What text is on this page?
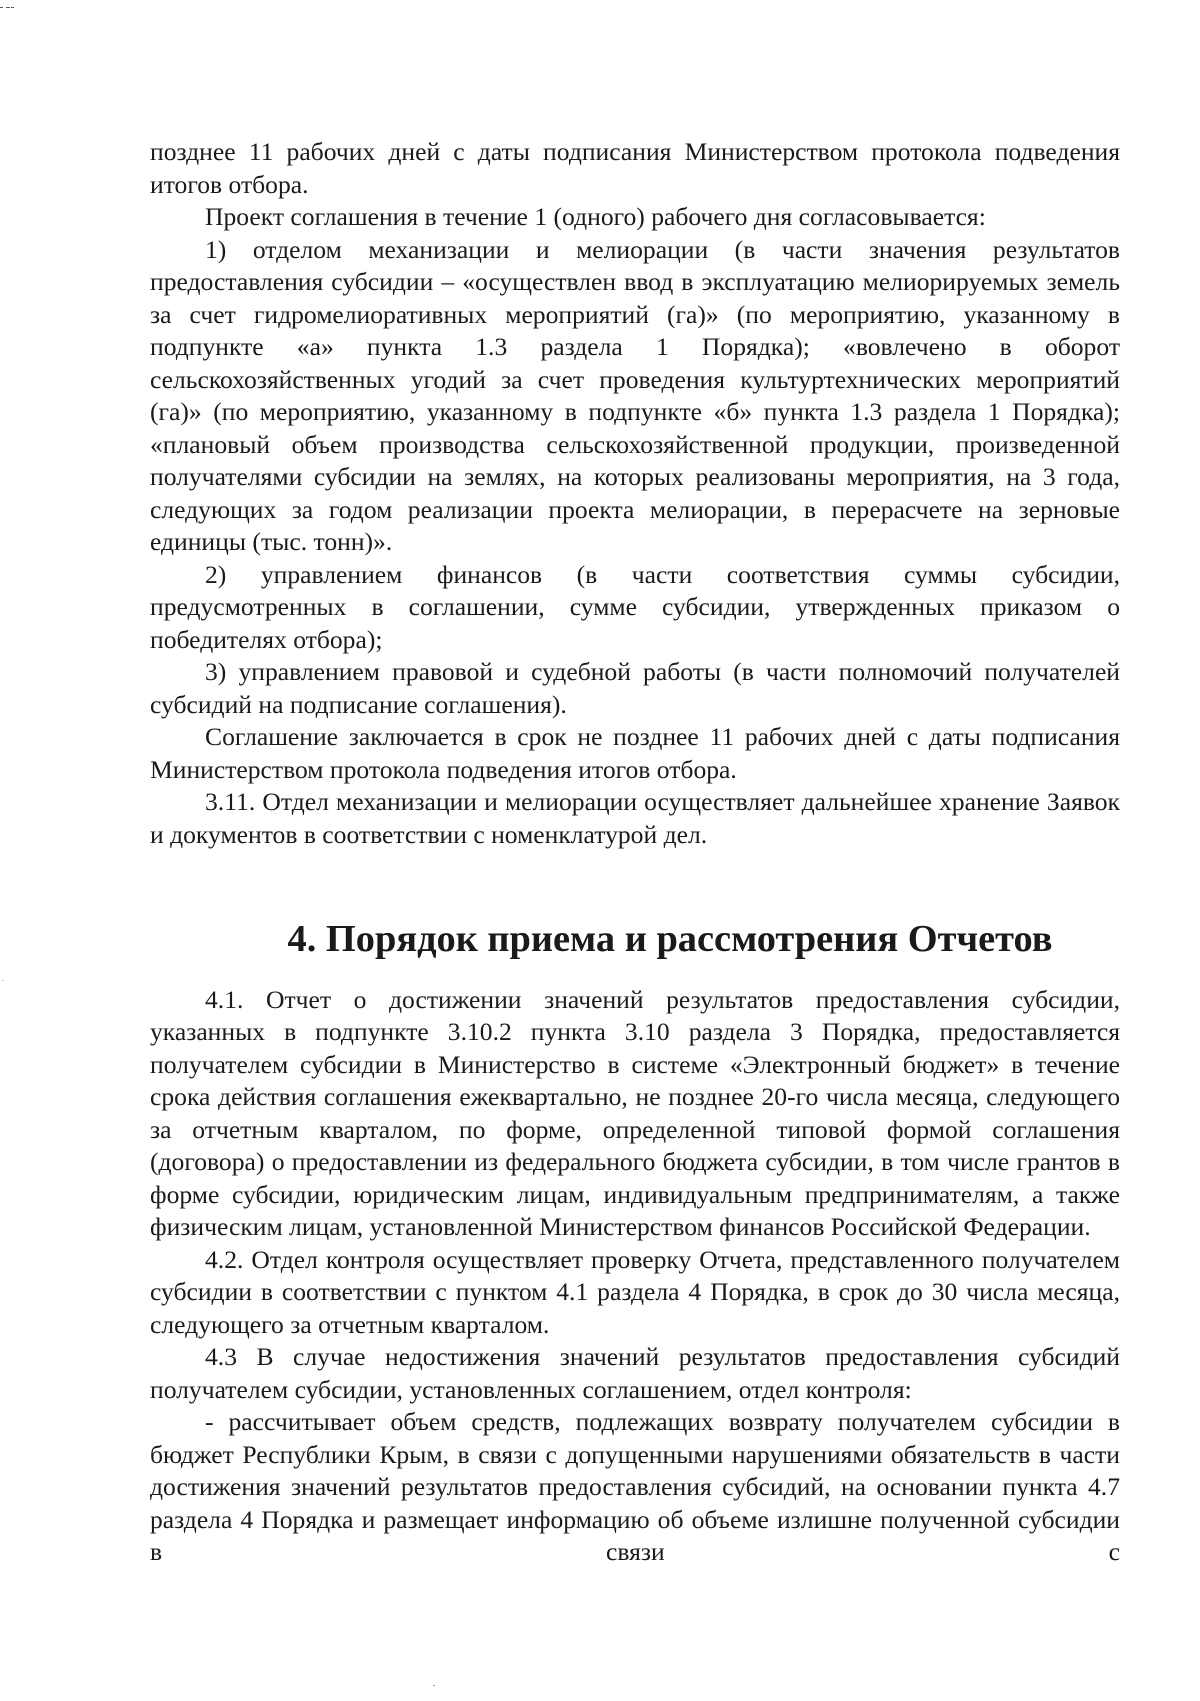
позднее 11 рабочих дней с даты подписания Министерством протокола подведения итогов отбора.

Проект соглашения в течение 1 (одного) рабочего дня согласовывается:

1) отделом механизации и мелиорации (в части значения результатов предоставления субсидии – «осуществлен ввод в эксплуатацию мелиорируемых земель за счет гидромелиоративных мероприятий (га)» (по мероприятию, указанному в подпункте «а» пункта 1.3 раздела 1 Порядка); «вовлечено в оборот сельскохозяйственных угодий за счет проведения культуртехнических мероприятий (га)» (по мероприятию, указанному в подпункте «б» пункта 1.3 раздела 1 Порядка); «плановый объем производства сельскохозяйственной продукции, произведенной получателями субсидии на землях, на которых реализованы мероприятия, на 3 года, следующих за годом реализации проекта мелиорации, в перерасчете на зерновые единицы (тыс. тонн)».

2) управлением финансов (в части соответствия суммы субсидии, предусмотренных в соглашении, сумме субсидии, утвержденных приказом о победителях отбора);

3) управлением правовой и судебной работы (в части полномочий получателей субсидий на подписание соглашения).

Соглашение заключается в срок не позднее 11 рабочих дней с даты подписания Министерством протокола подведения итогов отбора.

3.11. Отдел механизации и мелиорации осуществляет дальнейшее хранение Заявок и документов в соответствии с номенклатурой дел.

4. Порядок приема и рассмотрения Отчетов

4.1. Отчет о достижении значений результатов предоставления субсидии, указанных в подпункте 3.10.2 пункта 3.10 раздела 3 Порядка, предоставляется получателем субсидии в Министерство в системе «Электронный бюджет» в течение срока действия соглашения ежеквартально, не позднее 20-го числа месяца, следующего за отчетным кварталом, по форме, определенной типовой формой соглашения (договора) о предоставлении из федерального бюджета субсидии, в том числе грантов в форме субсидии, юридическим лицам, индивидуальным предпринимателям, а также физическим лицам, установленной Министерством финансов Российской Федерации.

4.2. Отдел контроля осуществляет проверку Отчета, представленного получателем субсидии в соответствии с пунктом 4.1 раздела 4 Порядка, в срок до 30 числа месяца, следующего за отчетным кварталом.

4.3 В случае недостижения значений результатов предоставления субсидий получателем субсидии, установленных соглашением, отдел контроля:

- рассчитывает объем средств, подлежащих возврату получателем субсидии в бюджет Республики Крым, в связи с допущенными нарушениями обязательств в части достижения значений результатов предоставления субсидий, на основании пункта 4.7 раздела 4 Порядка и размещает информацию об объеме излишне полученной субсидии в связи с
